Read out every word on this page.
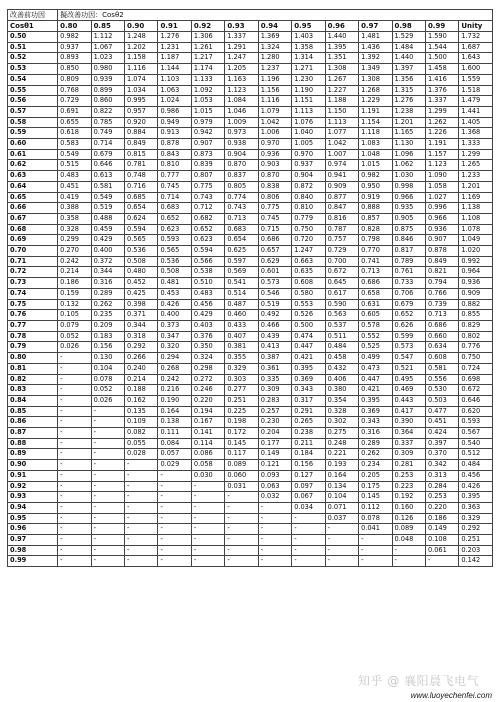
改善前功因	擬改善功因：Cosθ2												
Cosθ1	0.80	0.85	0.90	0.91	0.92	0.93	0.94	0.95	0.96	0.97	0.98	0.99	Unity
0.50	0.982	1.112	1.248	1.276	1.306	1.337	1.369	1.403	1.440	1.481	1.529	1.590	1.732
0.51	0.937	1.067	1.202	1.231	1.261	1.291	1.324	1.358	1.395	1.436	1.484	1.544	1.687
0.52	0.893	1.023	1.158	1.187	1.217	1.247	1.280	1.314	1.351	1.392	1.440	1.500	1.643
0.53	0.850	0.980	1.116	1.144	1.174	1.205	1.237	1.271	1.308	1.349	1.397	1.458	1.600
0.54	0.809	0.939	1.074	1.103	1.133	1.163	1.196	1.230	1.267	1.308	1.356	1.416	1.559
0.55	0.768	0.899	1.034	1.063	1.092	1.123	1.156	1.190	1.227	1.268	1.315	1.376	1.518
0.56	0.729	0.860	0.995	1.024	1.053	1.084	1.116	1.151	1.188	1.229	1.276	1.337	1.479
0.57	0.691	0.822	0.957	0.986	1.015	1.046	1.079	1.113	1.150	1.191	1.238	1.299	1.441
0.58	0.655	0.785	0.920	0.949	0.979	1.009	1.042	1.076	1.113	1.154	1.201	1.262	1.405
0.59	0.618	0.749	0.884	0.913	0.942	0.973	1.006	1.040	1.077	1.118	1.165	1.226	1.368
0.60	0.583	0.714	0.849	0.878	0.907	0.938	0.970	1.005	1.042	1.083	1.130	1.191	1.333
0.61	0.549	0.679	0.815	0.843	0.873	0.904	0.936	0.970	1.007	1.048	1.096	1.157	1.299
0.62	0.515	0.646	0.781	0.810	0.839	0.870	0.903	0.937	0.974	1.015	1.062	1.123	1.265
0.63	0.483	0.613	0.748	0.777	0.807	0.837	0.870	0.904	0.941	0.982	1.030	1.090	1.233
0.64	0.451	0.581	0.716	0.745	0.775	0.805	0.838	0.872	0.909	0.950	0.998	1.058	1.201
0.65	0.419	0.549	0.685	0.714	0.743	0.774	0.806	0.840	0.877	0.919	0.966	1.027	1.169
0.66	0.388	0.519	0.654	0.683	0.712	0.743	0.775	0.810	0.847	0.888	0.935	0.996	1.138
0.67	0.358	0.488	0.624	0.652	0.682	0.713	0.745	0.779	0.816	0.857	0.905	0.966	1.108
0.68	0.328	0.459	0.594	0.623	0.652	0.683	0.715	0.750	0.787	0.828	0.875	0.936	1.078
0.69	0.299	0.429	0.565	0.593	0.623	0.654	0.686	0.720	0.757	0.798	0.846	0.907	1.049
0.70	0.270	0.400	0.536	0.565	0.594	0.625	0.657	1.247	0.729	0.770	0.817	0.878	1.020
0.71	0.242	0.372	0.508	0.536	0.566	0.597	0.629	0.663	0.700	0.741	0.789	0.849	0.992
0.72	0.214	0.344	0.480	0.508	0.538	0.569	0.601	0.635	0.672	0.713	0.761	0.821	0.964
0.73	0.186	0.316	0.452	0.481	0.510	0.541	0.573	0.608	0.645	0.686	0.733	0.794	0.936
0.74	0.159	0.289	0.425	0.453	0.483	0.514	0.546	0.580	0.617	0.658	0.706	0.766	0.909
0.75	0.132	0.262	0.398	0.426	0.456	0.487	0.519	0.553	0.590	0.631	0.679	0.739	0.882
0.76	0.105	0.235	0.371	0.400	0.429	0.460	0.492	0.526	0.563	0.605	0.652	0.713	0.855
0.77	0.079	0.209	0.344	0.373	0.403	0.433	0.466	0.500	0.537	0.578	0.626	0.686	0.829
0.78	0.052	0.183	0.318	0.347	0.376	0.407	0.439	0.474	0.511	0.552	0.599	0.660	0.802
0.79	0.026	0.156	0.292	0.320	0.350	0.381	0.413	0.447	0.484	0.525	0.573	0.634	0.776
0.80	-	0.130	0.266	0.294	0.324	0.355	0.387	0.421	0.458	0.499	0.547	0.608	0.750
0.81	-	0.104	0.240	0.268	0.298	0.329	0.361	0.395	0.432	0.473	0.521	0.581	0.724
0.82	-	0.078	0.214	0.242	0.272	0.303	0.335	0.369	0.406	0.447	0.495	0.556	0.698
0.83	-	0.052	0.188	0.216	0.246	0.277	0.309	0.343	0.380	0.421	0.469	0.530	0.672
0.84	-	0.026	0.162	0.190	0.220	0.251	0.283	0.317	0.354	0.395	0.443	0.503	0.646
0.85	-	-	0.135	0.164	0.194	0.225	0.257	0.291	0.328	0.369	0.417	0.477	0.620
0.86	-	-	0.109	0.138	0.167	0.198	0.230	0.265	0.302	0.343	0.390	0.451	0.593
0.87	-	-	0.082	0.111	0.141	0.172	0.204	0.238	0.275	0.316	0.364	0.424	0.567
0.88	-	-	0.055	0.084	0.114	0.145	0.177	0.211	0.248	0.289	0.337	0.397	0.540
0.89	-	-	0.028	0.057	0.086	0.117	0.149	0.184	0.221	0.262	0.309	0.370	0.512
0.90	-	-	-	0.029	0.058	0.089	0.121	0.156	0.193	0.234	0.281	0.342	0.484
0.91	-	-	-	-	0.030	0.060	0.093	0.127	0.164	0.205	0.253	0.313	0.456
0.92	-	-	-	-	-	0.031	0.063	0.097	0.134	0.175	0.223	0.284	0.426
0.93	-	-	-	-	-	-	0.032	0.067	0.104	0.145	0.192	0.253	0.395
0.94	-	-	-	-	-	-	-	0.034	0.071	0.112	0.160	0.220	0.363
0.95	-	-	-	-	-	-	-	-	0.037	0.078	0.126	0.186	0.329
0.96	-	-	-	-	-	-	-	-	-	0.041	0.089	0.149	0.292
0.97	-	-	-	-	-	-	-	-	-	-	0.048	0.108	0.251
0.98	-	-	-	-	-	-	-	-	-	-	-	0.061	0.203
0.99	-	-	-	-	-	-	-	-	-	-	-	-	0.142
知乎 @ 襄阳晨飞电气
www.luoyechenfei.com
